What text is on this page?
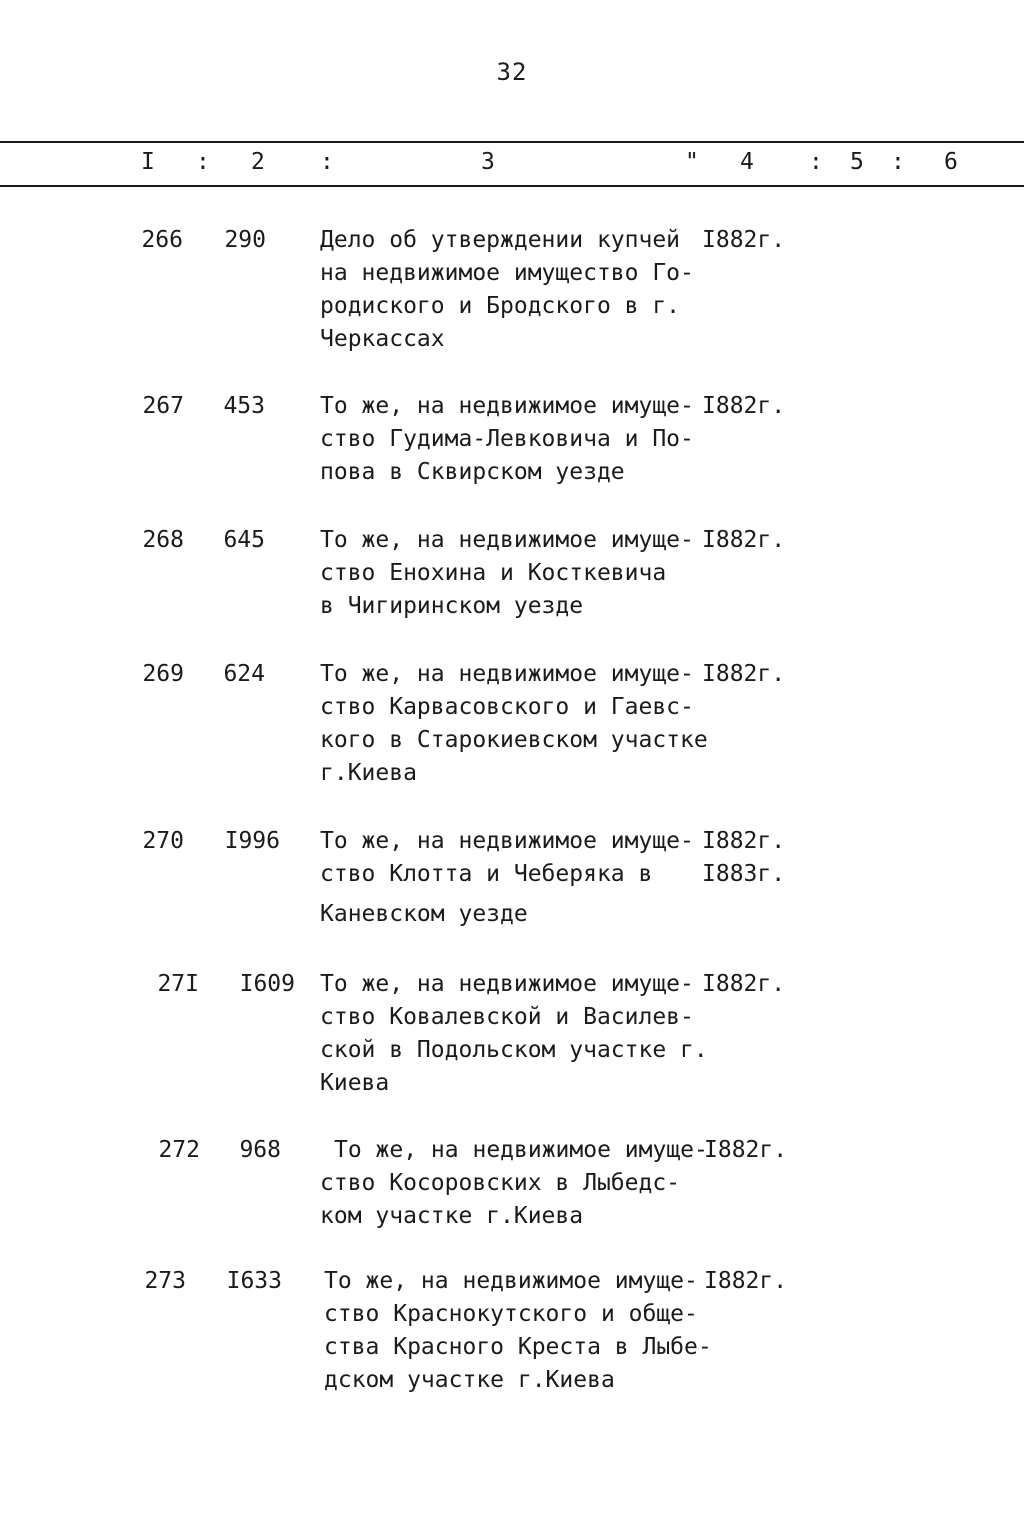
32
I : 2 :	3	" 4 : 5 : 6
266	290 Дело об утверждении купчей
на недвижимое имущество Го-
родиского и Бродского в г.
Черкассах
I882г.
267	453 То же, на недвижимое имуще-
ство Гудима-Левковича и По-
пова в Сквирском уезде
I882г.
268	645 То же, на недвижимое имуще-
ство Енохина и Косткевича
в Чигиринском уезде
I882г.
269	624 То же, на недвижимое имуще-
ство Карвасовского и Гаевс-
кого в Старокиевском участке
г.Киева
I882г.
270	I996 То же, на недвижимое имуще-
ство Клотта и Чеберяка в
Каневском уезде
I882г.
I883г.
27I	I609 То же, на недвижимое имуще-
ство Ковалевской и Василев-
ской в Подольском участке г.
Киева
I882г.
272	968	То же, на недвижимое имуще-
ство Косоровских в Лыбедс-
ком участке г.Киева
I882г.
273	I633 То же, на недвижимое имуще-
ство Краснокутского и обще-
ства Красного Креста в Лыбе-
дском участке г.Киева
I882г.
